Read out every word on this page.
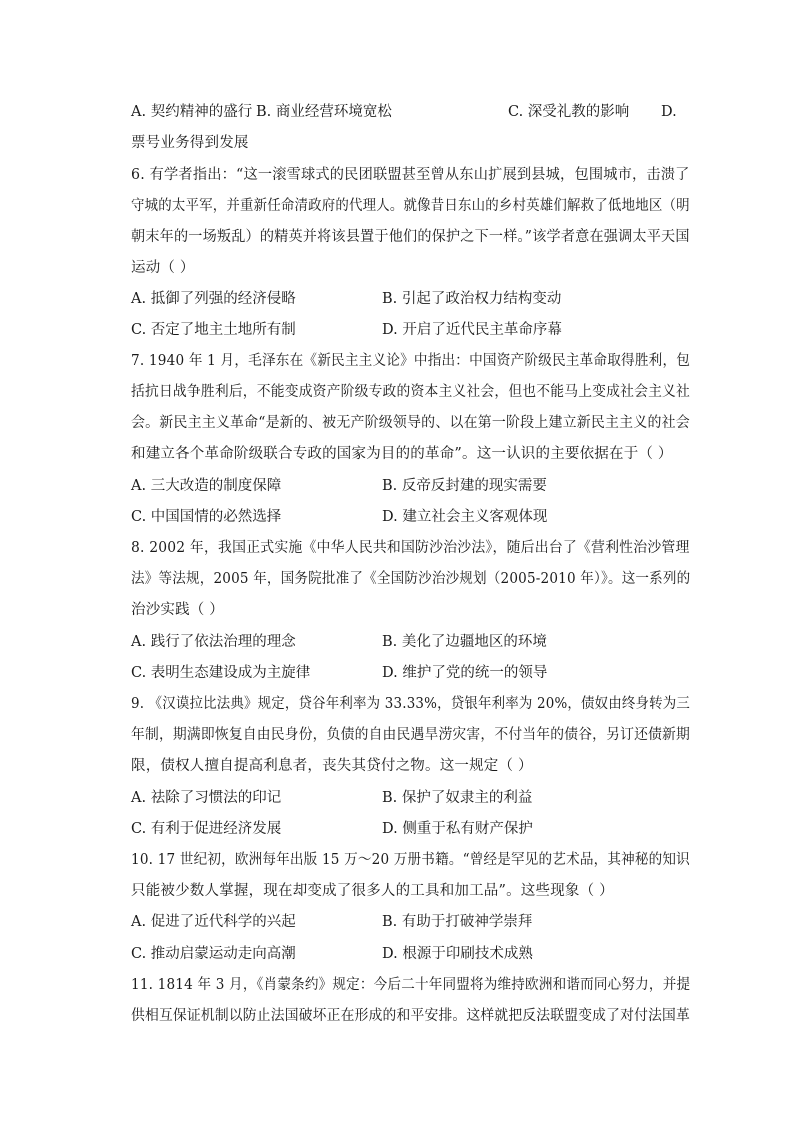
A. 契约精神的盛行 B. 商业经营环境宽松	C. 深受礼教的影响 D.
票号业务得到发展
6. 有学者指出：“这一滚雪球式的民团联盟甚至曾从东山扩展到县城，包围城市，击溃了
守城的太平军，并重新任命清政府的代理人。就像昔日东山的乡村英雄们解救了低地地区（明
朝末年的一场叛乱）的精英并将该县置于他们的保护之下一样。”该学者意在强调太平天国
运动（ ）
A. 抵御了列强的经济侵略	B. 引起了政治权力结构变动
C. 否定了地主土地所有制	D. 开启了近代民主革命序幕
7. 1940 年 1 月，毛泽东在《新民主主义论》中指出：中国资产阶级民主革命取得胜利，包
括抗日战争胜利后，不能变成资产阶级专政的资本主义社会，但也不能马上变成社会主义社
会。新民主主义革命“是新的、被无产阶级领导的、以在第一阶段上建立新民主主义的社会
和建立各个革命阶级联合专政的国家为目的的革命”。这一认识的主要依据在于（ ）
A. 三大改造的制度保障	B. 反帝反封建的现实需要
C. 中国国情的必然选择	D. 建立社会主义客观体现
8. 2002 年，我国正式实施《中华人民共和国防沙治沙法》，随后出台了《营利性治沙管理
法》等法规，2005 年，国务院批准了《全国防沙治沙规划（2005-2010 年）》。这一系列的
治沙实践（ ）
A. 践行了依法治理的理念	B. 美化了边疆地区的环境
C. 表明生态建设成为主旋律	D. 维护了党的统一的领导
9. 《汉谟拉比法典》规定，贷谷年利率为 33.33%，贷银年利率为 20%，债奴由终身转为三
年制，期满即恢复自由民身份，负债的自由民遇旱涝灾害，不付当年的债谷，另订还债新期
限，债权人擅自提高利息者，丧失其贷付之物。这一规定（ ）
A. 祛除了习惯法的印记	B. 保护了奴隶主的利益
C. 有利于促进经济发展	D. 侧重于私有财产保护
10. 17 世纪初，欧洲每年出版 15 万～20 万册书籍。“曾经是罕见的艺术品，其神秘的知识
只能被少数人掌握，现在却变成了很多人的工具和加工品”。这些现象（ ）
A. 促进了近代科学的兴起	B. 有助于打破神学崇拜
C. 推动启蒙运动走向高潮	D. 根源于印刷技术成熟
11. 1814 年 3 月，《肖蒙条约》规定：今后二十年同盟将为维持欧洲和谐而同心努力，并提
供相互保证机制以防止法国破坏正在形成的和平安排。这样就把反法联盟变成了对付法国革
